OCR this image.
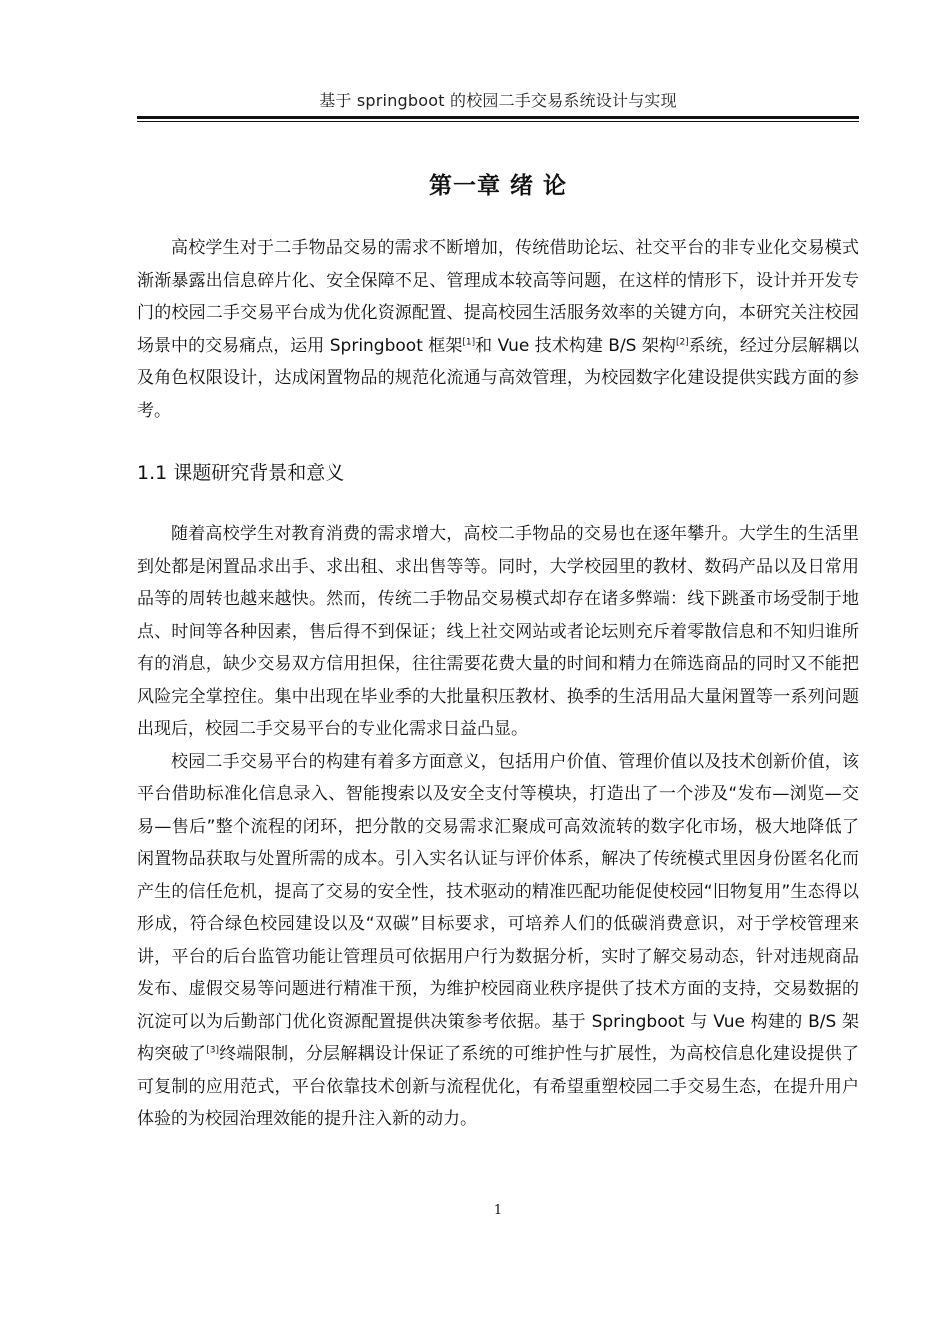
基于 springboot 的校园二手交易系统设计与实现
第一章 绪 论

高校学生对于二手物品交易的需求不断增加，传统借助论坛、社交平台的非专业化交易模式渐渐暴露出信息碎片化、安全保障不足、管理成本较高等问题，在这样的情形下，设计并开发专门的校园二手交易平台成为优化资源配置、提高校园生活服务效率的关键方向，本研究关注校园场景中的交易痛点，运用 Springboot 框架[1]和 Vue 技术构建 B/S 架构[2]系统，经过分层解耦以及角色权限设计，达成闲置物品的规范化流通与高效管理，为校园数字化建设提供实践方面的参考。

1.1 课题研究背景和意义

随着高校学生对教育消费的需求增大，高校二手物品的交易也在逐年攀升。大学生的生活里到处都是闲置品求出手、求出租、求出售等等。同时，大学校园里的教材、数码产品以及日常用品等的周转也越来越快。然而，传统二手物品交易模式却存在诸多弊端：线下跳蚤市场受制于地点、时间等各种因素，售后得不到保证；线上社交网站或者论坛则充斥着零散信息和不知归谁所有的消息，缺少交易双方信用担保，往往需要花费大量的时间和精力在筛选商品的同时又不能把风险完全掌控住。集中出现在毕业季的大批量积压教材、换季的生活用品大量闲置等一系列问题出现后，校园二手交易平台的专业化需求日益凸显。

校园二手交易平台的构建有着多方面意义，包括用户价值、管理价值以及技术创新价值，该平台借助标准化信息录入、智能搜索以及安全支付等模块，打造出了一个涉及“发布—浏览—交易—售后”整个流程的闭环，把分散的交易需求汇聚成可高效流转的数字化市场，极大地降低了闲置物品获取与处置所需的成本。引入实名认证与评价体系，解决了传统模式里因身份匿名化而产生的信任危机，提高了交易的安全性，技术驱动的精准匹配功能促使校园“旧物复用”生态得以形成，符合绿色校园建设以及“双碳”目标要求，可培养人们的低碳消费意识，对于学校管理来讲，平台的后台监管功能让管理员可依据用户行为数据分析，实时了解交易动态，针对违规商品发布、虚假交易等问题进行精准干预，为维护校园商业秩序提供了技术方面的支持，交易数据的沉淀可以为后勤部门优化资源配置提供决策参考依据。基于 Springboot 与 Vue 构建的 B/S 架构突破了[3]终端限制，分层解耦设计保证了系统的可维护性与扩展性，为高校信息化建设提供了可复制的应用范式，平台依靠技术创新与流程优化，有希望重塑校园二手交易生态，在提升用户体验的为校园治理效能的提升注入新的动力。

1
